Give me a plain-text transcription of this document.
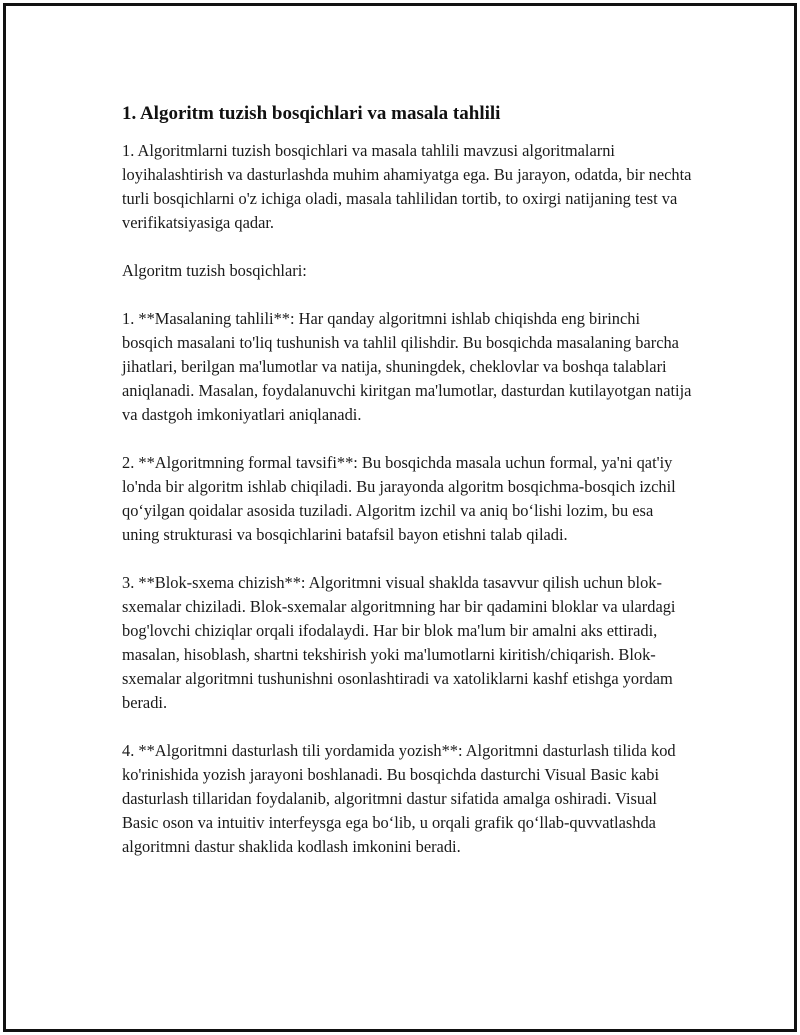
1. Algoritm tuzish bosqichlari va masala tahlili

1. Algoritmlarni tuzish bosqichlari va masala tahlili mavzusi algoritmalarni loyihalashtirish va dasturlashda muhim ahamiyatga ega. Bu jarayon, odatda, bir nechta turli bosqichlarni o'z ichiga oladi, masala tahlilidan tortib, to oxirgi natijaning test va verifikatsiyasiga qadar.

Algoritm tuzish bosqichlari:

1. **Masalaning tahlili**: Har qanday algoritmni ishlab chiqishda eng birinchi bosqich masalani to'liq tushunish va tahlil qilishdir. Bu bosqichda masalaning barcha jihatlari, berilgan ma'lumotlar va natija, shuningdek, cheklovlar va boshqa talablari aniqlanadi. Masalan, foydalanuvchi kiritgan ma'lumotlar, dasturdan kutilayotgan natija va dastgoh imkoniyatlari aniqlanadi.

2. **Algoritmning formal tavsifi**: Bu bosqichda masala uchun formal, ya'ni qat'iy lo'nda bir algoritm ishlab chiqiladi. Bu jarayonda algoritm bosqichma-bosqich izchil qo‘yilgan qoidalar asosida tuziladi. Algoritm izchil va aniq bo‘lishi lozim, bu esa uning strukturasi va bosqichlarini batafsil bayon etishni talab qiladi.

3. **Blok-sxema chizish**: Algoritmni visual shaklda tasavvur qilish uchun blok-sxemalar chiziladi. Blok-sxemalar algoritmning har bir qadamini bloklar va ulardagi bog'lovchi chiziqlar orqali ifodalaydi. Har bir blok ma'lum bir amalni aks ettiradi, masalan, hisoblash, shartni tekshirish yoki ma'lumotlarni kiritish/chiqarish. Blok-sxemalar algoritmni tushunishni osonlashtiradi va xatoliklarni kashf etishga yordam beradi.

4. **Algoritmni dasturlash tili yordamida yozish**: Algoritmni dasturlash tilida kod ko'rinishida yozish jarayoni boshlanadi. Bu bosqichda dasturchi Visual Basic kabi dasturlash tillaridan foydalanib, algoritmni dastur sifatida amalga oshiradi. Visual Basic oson va intuitiv interfeysga ega bo‘lib, u orqali grafik qo‘llab-quvvatlashda algoritmni dastur shaklida kodlash imkonini beradi.
